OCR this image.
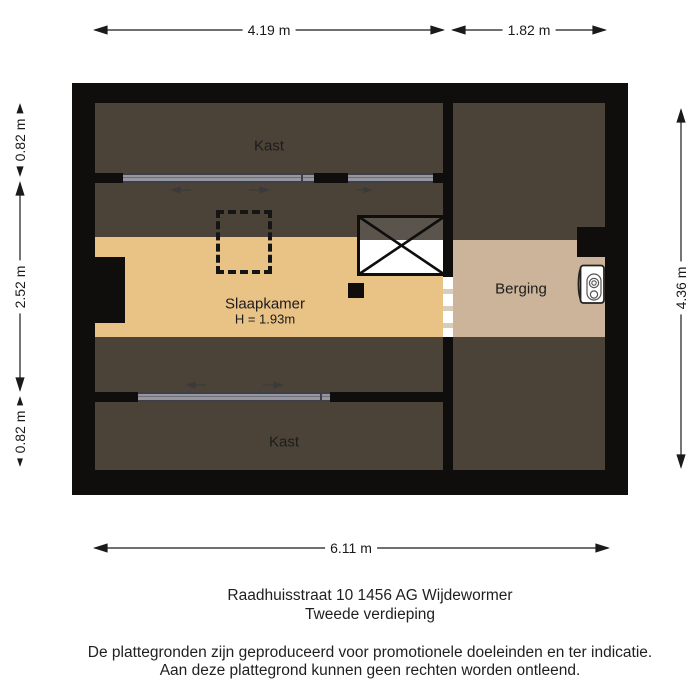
4.19 m	1.82 m
6.11 m
0.82 m
2.52 m
0.82 m
4.36 m
Kast
Slaapkamer
H = 1.93m
Berging
Kast
Raadhuisstraat 10 1456 AG Wijdewormer
Tweede verdieping
De plattegronden zijn geproduceerd voor promotionele doeleinden en ter indicatie.
Aan deze plattegrond kunnen geen rechten worden ontleend.
